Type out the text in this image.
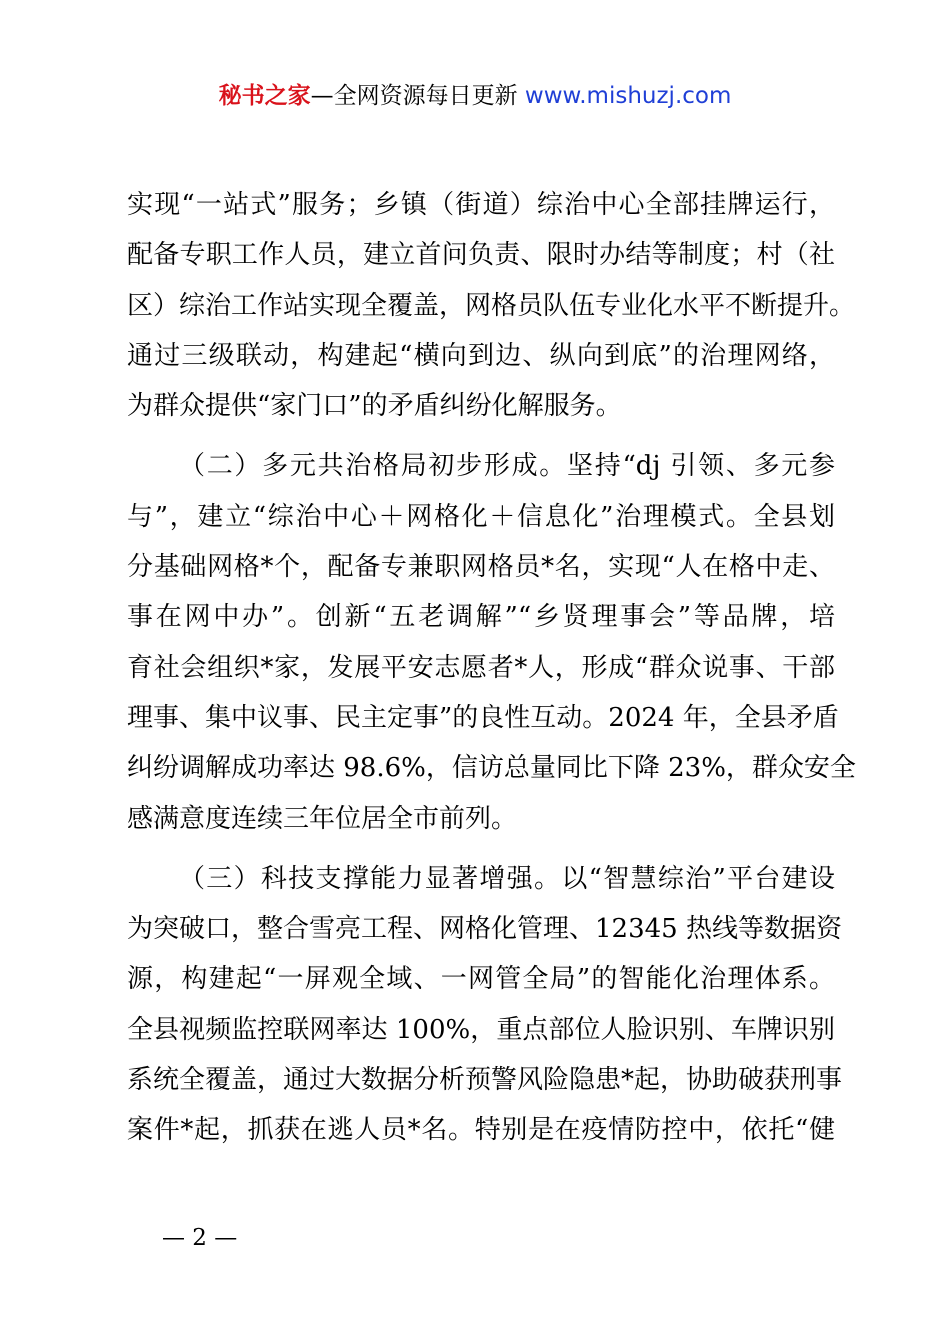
秘书之家—全网资源每日更新 www.mishuzj.com
实现“一站式”服务；乡镇（街道）综治中心全部挂牌运行，
配备专职工作人员，建立首问负责、限时办结等制度；村（社
区）综治工作站实现全覆盖，网格员队伍专业化水平不断提升。
通过三级联动，构建起“横向到边、纵向到底”的治理网络，
为群众提供“家门口”的矛盾纠纷化解服务。
（二）多元共治格局初步形成。坚持“dj 引领、多元参
与”，建立“综治中心＋网格化＋信息化”治理模式。全县划
分基础网格*个，配备专兼职网格员*名，实现“人在格中走、
事在网中办”。创新“五老调解”“乡贤理事会”等品牌，培
育社会组织*家，发展平安志愿者*人，形成“群众说事、干部
理事、集中议事、民主定事”的良性互动。2024 年，全县矛盾
纠纷调解成功率达 98.6%，信访总量同比下降 23%，群众安全
感满意度连续三年位居全市前列。
（三）科技支撑能力显著增强。以“智慧综治”平台建设
为突破口，整合雪亮工程、网格化管理、12345 热线等数据资
源，构建起“一屏观全域、一网管全局”的智能化治理体系。
全县视频监控联网率达 100%，重点部位人脸识别、车牌识别
系统全覆盖，通过大数据分析预警风险隐患*起，协助破获刑事
案件*起，抓获在逃人员*名。特别是在疫情防控中，依托“健
— 2 —
